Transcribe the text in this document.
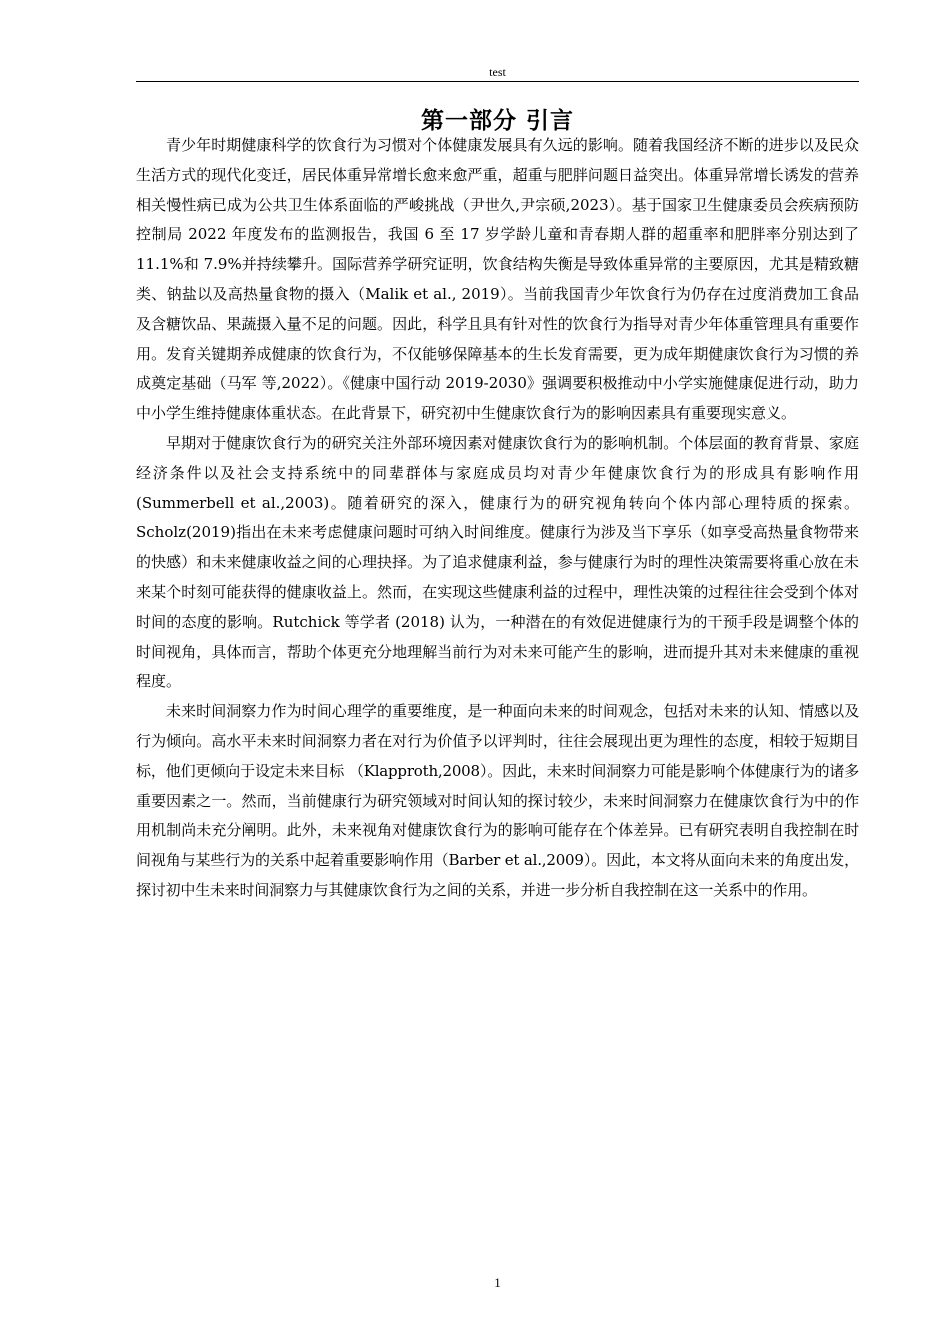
test
第一部分 引言

青少年时期健康科学的饮食行为习惯对个体健康发展具有久远的影响。随着我国经济不断的进步以及民众生活方式的现代化变迁，居民体重异常增长愈来愈严重，超重与肥胖问题日益突出。体重异常增长诱发的营养相关慢性病已成为公共卫生体系面临的严峻挑战（尹世久,尹宗硕,2023）。基于国家卫生健康委员会疾病预防控制局 2022 年度发布的监测报告，我国 6 至 17 岁学龄儿童和青春期人群的超重率和肥胖率分别达到了 11.1%和 7.9%并持续攀升。国际营养学研究证明，饮食结构失衡是导致体重异常的主要原因，尤其是精致糖类、钠盐以及高热量食物的摄入（Malik et al., 2019）。当前我国青少年饮食行为仍存在过度消费加工食品及含糖饮品、果蔬摄入量不足的问题。因此，科学且具有针对性的饮食行为指导对青少年体重管理具有重要作用。发育关键期养成健康的饮食行为，不仅能够保障基本的生长发育需要，更为成年期健康饮食行为习惯的养成奠定基础（马军 等,2022）。《健康中国行动 2019-2030》强调要积极推动中小学实施健康促进行动，助力中小学生维持健康体重状态。在此背景下，研究初中生健康饮食行为的影响因素具有重要现实意义。

早期对于健康饮食行为的研究关注外部环境因素对健康饮食行为的影响机制。个体层面的教育背景、家庭经济条件以及社会支持系统中的同辈群体与家庭成员均对青少年健康饮食行为的形成具有影响作用(Summerbell et al.,2003)。随着研究的深入，健康行为的研究视角转向个体内部心理特质的探索。Scholz(2019)指出在未来考虑健康问题时可纳入时间维度。健康行为涉及当下享乐（如享受高热量食物带来的快感）和未来健康收益之间的心理抉择。为了追求健康利益，参与健康行为时的理性决策需要将重心放在未来某个时刻可能获得的健康收益上。然而，在实现这些健康利益的过程中，理性决策的过程往往会受到个体对时间的态度的影响。Rutchick 等学者 (2018) 认为，一种潜在的有效促进健康行为的干预手段是调整个体的时间视角，具体而言，帮助个体更充分地理解当前行为对未来可能产生的影响，进而提升其对未来健康的重视程度。

未来时间洞察力作为时间心理学的重要维度，是一种面向未来的时间观念，包括对未来的认知、情感以及行为倾向。高水平未来时间洞察力者在对行为价值予以评判时，往往会展现出更为理性的态度，相较于短期目标，他们更倾向于设定未来目标 （Klapproth,2008）。因此，未来时间洞察力可能是影响个体健康行为的诸多重要因素之一。然而，当前健康行为研究领域对时间认知的探讨较少，未来时间洞察力在健康饮食行为中的作用机制尚未充分阐明。此外，未来视角对健康饮食行为的影响可能存在个体差异。已有研究表明自我控制在时间视角与某些行为的关系中起着重要影响作用（Barber et al.,2009）。因此，本文将从面向未来的角度出发，探讨初中生未来时间洞察力与其健康饮食行为之间的关系，并进一步分析自我控制在这一关系中的作用。

1
